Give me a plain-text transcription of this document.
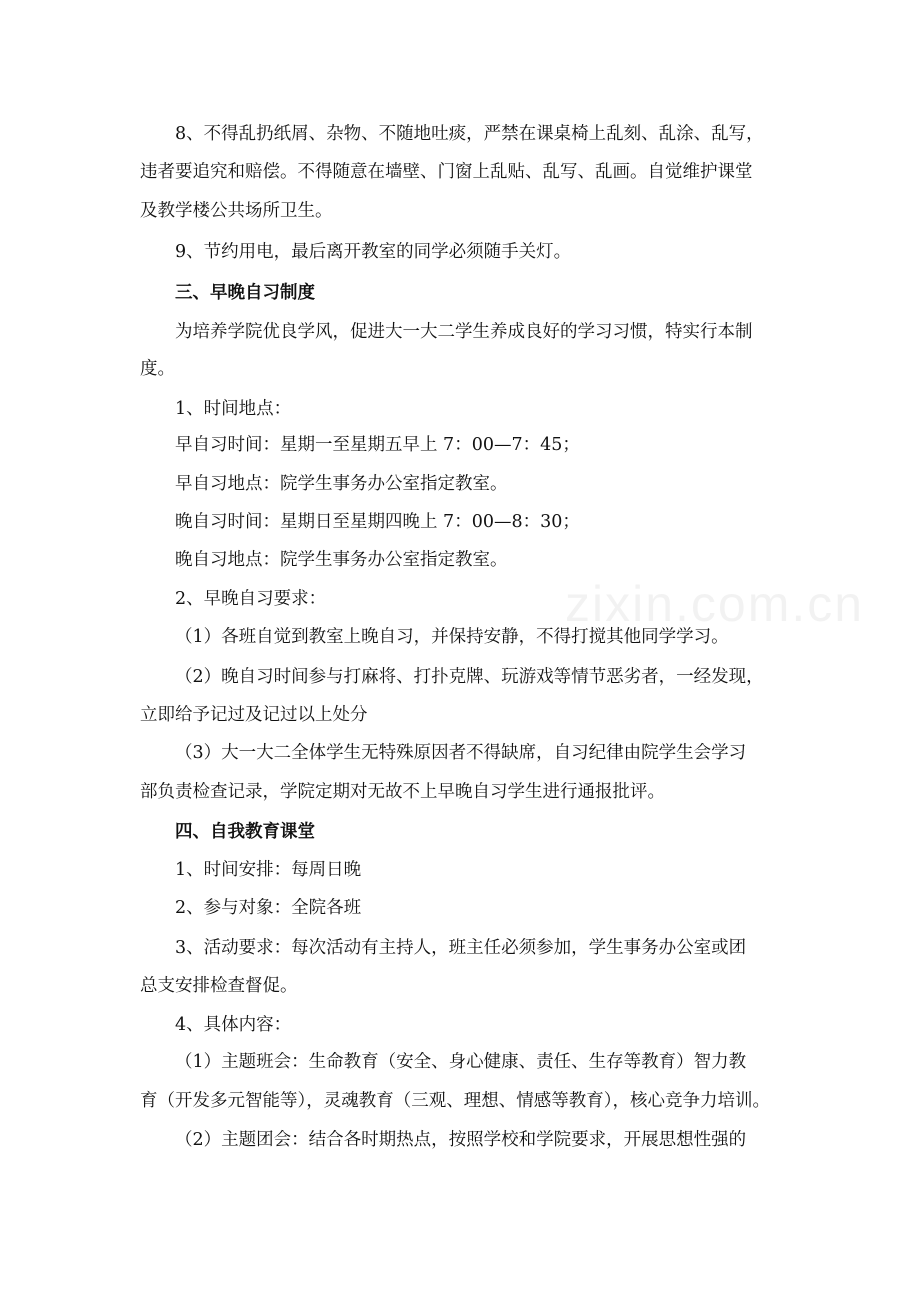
zixin.com.cn
8、不得乱扔纸屑、杂物、不随地吐痰，严禁在课桌椅上乱刻、乱涂、乱写，
违者要追究和赔偿。不得随意在墙壁、门窗上乱贴、乱写、乱画。自觉维护课堂
及教学楼公共场所卫生。
9、节约用电，最后离开教室的同学必须随手关灯。
三、早晚自习制度
为培养学院优良学风，促进大一大二学生养成良好的学习习惯，特实行本制
度。
1、时间地点：
早自习时间：星期一至星期五早上 7：00—7：45；
早自习地点：院学生事务办公室指定教室。
晚自习时间：星期日至星期四晚上 7：00—8：30；
晚自习地点：院学生事务办公室指定教室。
2、早晚自习要求：
（1）各班自觉到教室上晚自习，并保持安静，不得打搅其他同学学习。
（2）晚自习时间参与打麻将、打扑克牌、玩游戏等情节恶劣者，一经发现，
立即给予记过及记过以上处分
（3）大一大二全体学生无特殊原因者不得缺席，自习纪律由院学生会学习
部负责检查记录，学院定期对无故不上早晚自习学生进行通报批评。
四、自我教育课堂
1、时间安排：每周日晚
2、参与对象：全院各班
3、活动要求：每次活动有主持人，班主任必须参加，学生事务办公室或团
总支安排检查督促。
4、具体内容：
（1）主题班会：生命教育（安全、身心健康、责任、生存等教育）智力教
育（开发多元智能等），灵魂教育（三观、理想、情感等教育），核心竞争力培训。
（2）主题团会：结合各时期热点，按照学校和学院要求，开展思想性强的
